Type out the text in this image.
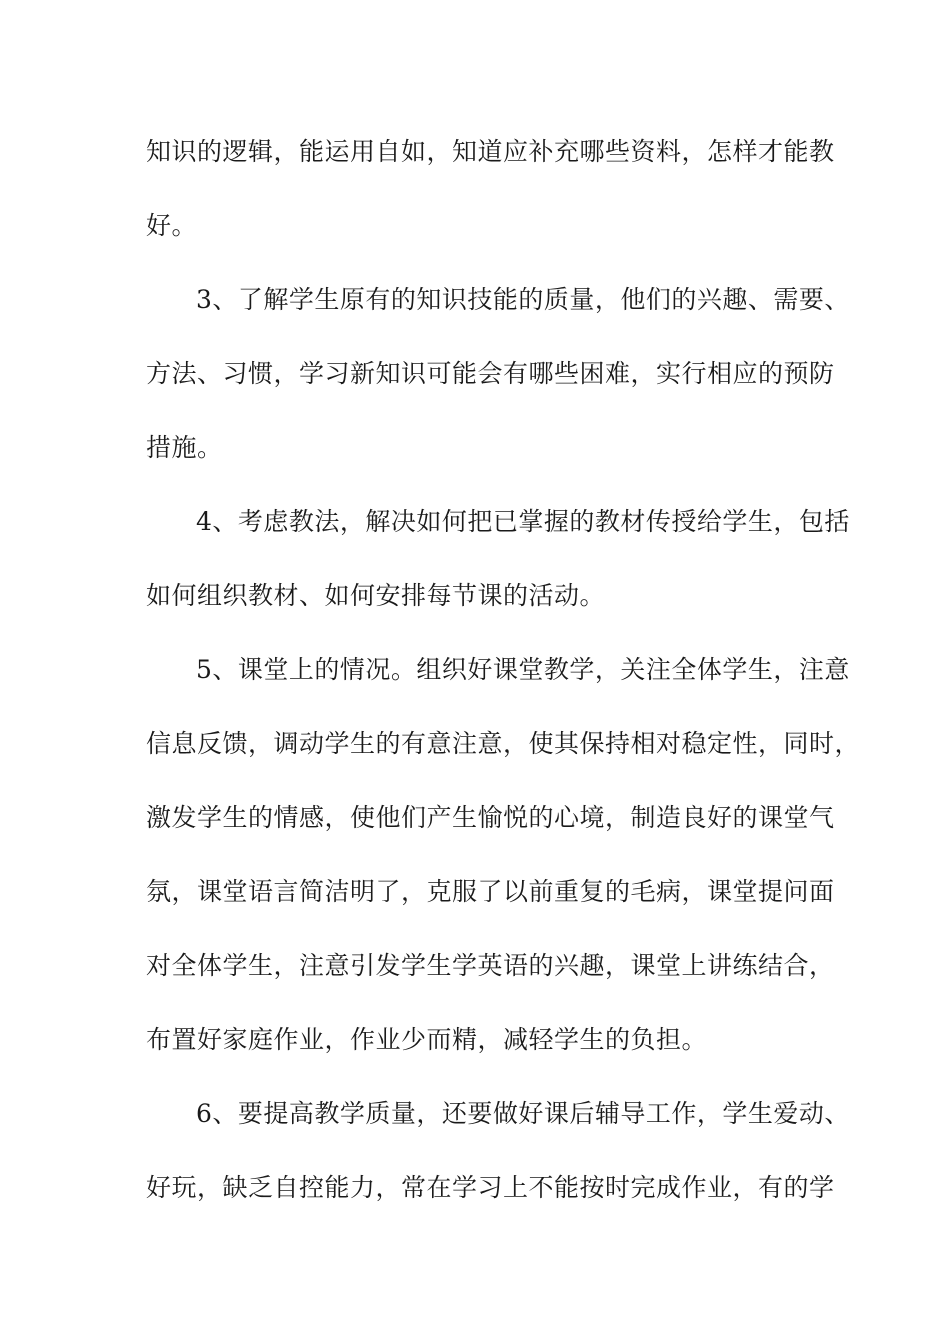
知识的逻辑，能运用自如，知道应补充哪些资料，怎样才能教
好。
3、了解学生原有的知识技能的质量，他们的兴趣、需要、
方法、习惯，学习新知识可能会有哪些困难，实行相应的预防
措施。
4、考虑教法，解决如何把已掌握的教材传授给学生，包括
如何组织教材、如何安排每节课的活动。
5、课堂上的情况。组织好课堂教学，关注全体学生，注意
信息反馈，调动学生的有意注意，使其保持相对稳定性，同时，
激发学生的情感，使他们产生愉悦的心境，制造良好的课堂气
氛，课堂语言简洁明了，克服了以前重复的毛病，课堂提问面
对全体学生，注意引发学生学英语的兴趣，课堂上讲练结合，
布置好家庭作业，作业少而精，减轻学生的负担。
6、要提高教学质量，还要做好课后辅导工作，学生爱动、
好玩，缺乏自控能力，常在学习上不能按时完成作业，有的学
